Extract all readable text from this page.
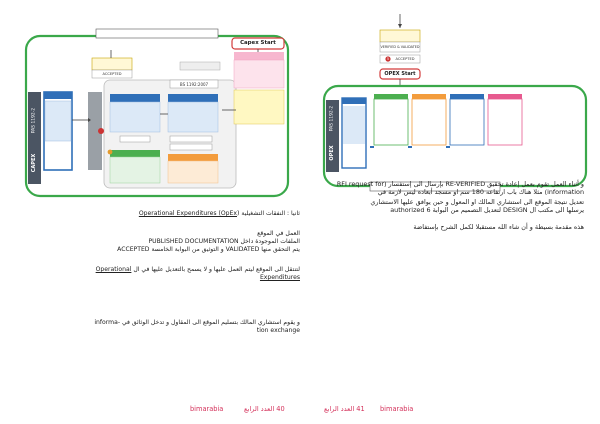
Capex Start
BS 1192:2007
ACCEPTED
CAPEX
PAS 1192-2
ثانيا : النفقات التشغيلية (Operational Expenditures (OpEx
العمل في الموقع
الملفات الموجودة داخل PUBLISHED DOCUMENTATION
يتم التحقق منها VALIDATED و التوثيق من البوابة الخامسة ACCEPTED
لتنتقل الى الموقع ليتم العمل عليها و لا يسمح بالتعديل عليها في ال Operational Expenditures
و يقوم استشاري المالك بتسليم الموقع الى المقاول و تدخل الوثائق في -informa
tion exchange
bimarabia	40 العدد الرابع
VERIFIED & VALIDATED
5	ACCEPTED
OPEX Start
OPEX
PAS 1192-2
و أثناء العمل تقوم بعمل إعادة تحقيق RE-VERIFIED بإرسال الى إستفسار (RFI request for information) مثلا هناك باب ارتفاعه 180 سم او مسجد أبعاده ليس لازمة في
تعديل نتيجة الموقع الى استشاري المالك او المعول و حين يوافق عليها الاستشاري
يرسلها الى مكتب ال DESIGN لتعديل التصميم من البوابة 6 authorized
هذه مقدمة بسيطة و أن شاء الله مستقبلا لكمل الشرح بإستفاضة
41 العدد الرابع bimarabia
